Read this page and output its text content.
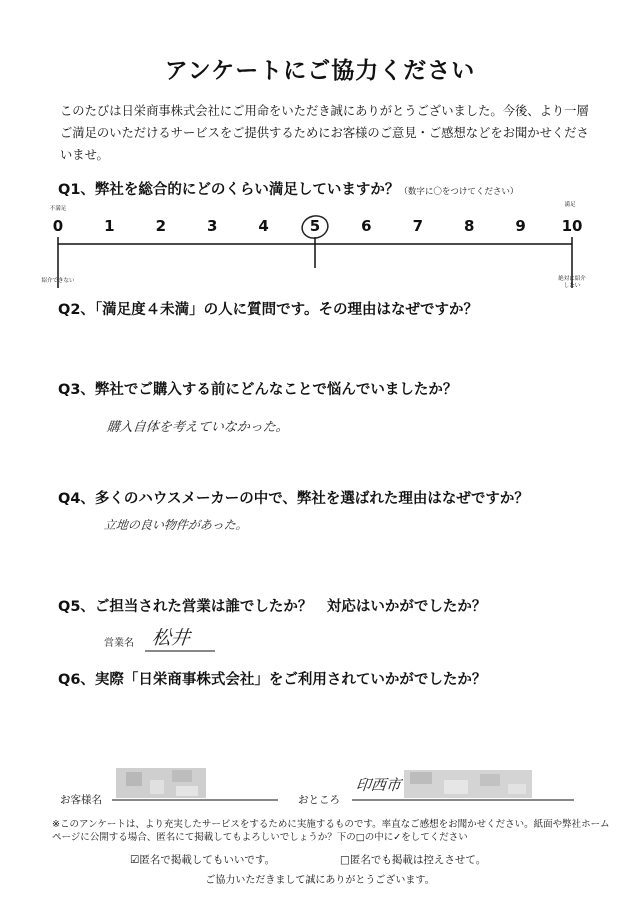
アンケートにご協力ください
このたびは日栄商事株式会社にご用命をいただき誠にありがとうございました。今後、より一層ご満足のいただけるサービスをご提供するためにお客様のご意見・ご感想などをお聞かせくださいませ。
Q1、弊社を総合的にどのくらい満足していますか？（数字に〇をつけてください）
不満足
満足
0	1	2	3	4	5	6	7	8	9	10
紹介できない	絶対に紹介したい
Q2、「満足度４未満」の人に質問です。その理由はなぜですか？
Q3、弊社でご購入する前にどんなことで悩んでいましたか？
購入自体を考えていなかった。
Q4、多くのハウスメーカーの中で、弊社を選ばれた理由はなぜですか？
立地の良い物件があった。
Q5、ご担当された営業は誰でしたか？　対応はいかがでしたか？
営業名 松井
Q6、実際「日栄商事株式会社」をご利用されていかがでしたか？
お客様名	おところ
印西市
※このアンケートは、より充実したサービスをするために実施するものです。率直なご感想をお聞かせください。紙面や弊社ホームページに公開する場合、匿名にて掲載してもよろしいでしょうか？下の□の中に✓をしてください
☑匿名で掲載してもいいです。	□匿名でも掲載は控えさせて。
ご協力いただきまして誠にありがとうございます。
